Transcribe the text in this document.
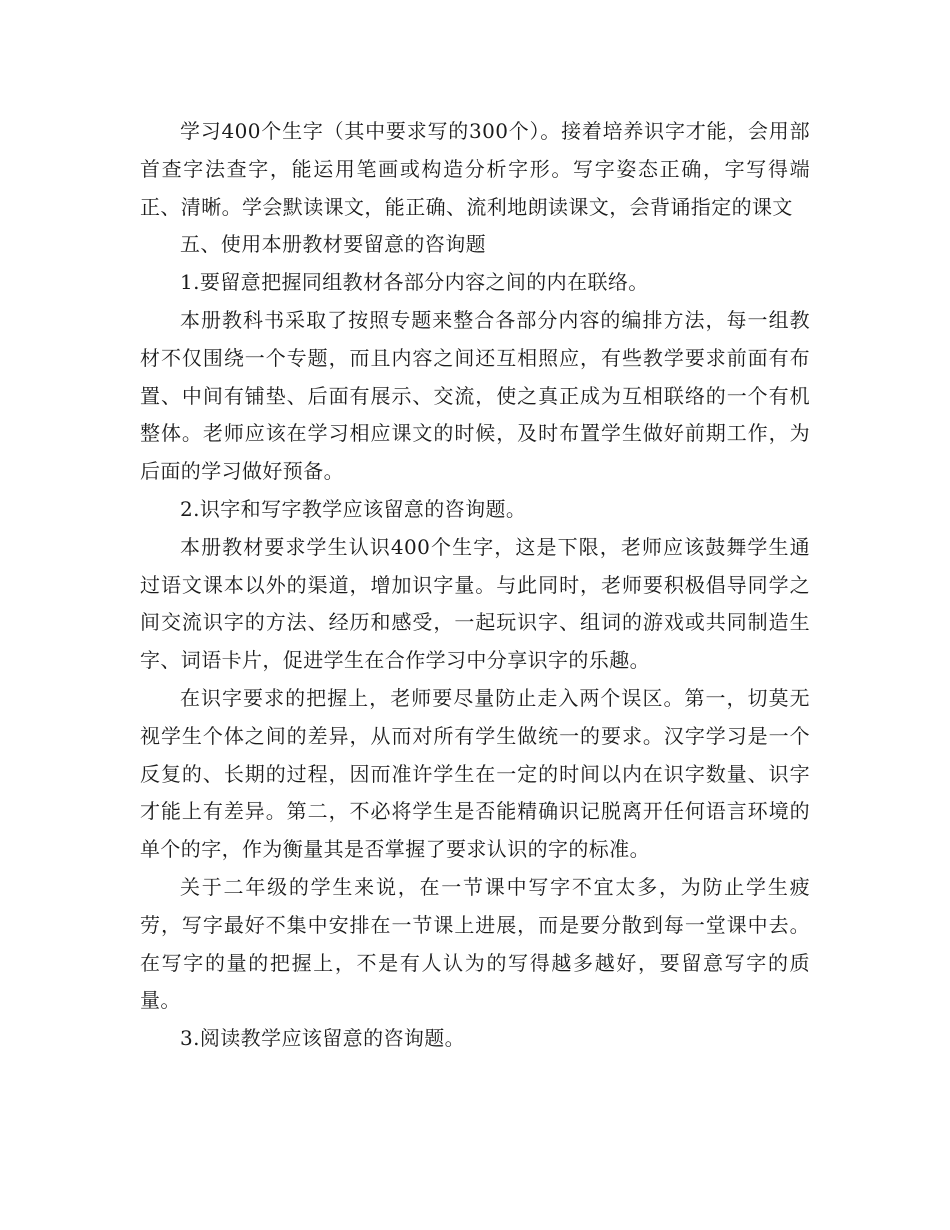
学习400个生字（其中要求写的300个）。接着培养识字才能，会用部首查字法查字，能运用笔画或构造分析字形。写字姿态正确，字写得端正、清晰。学会默读课文，能正确、流利地朗读课文，会背诵指定的课文

五、使用本册教材要留意的咨询题

1.要留意把握同组教材各部分内容之间的内在联络。

本册教科书采取了按照专题来整合各部分内容的编排方法，每一组教材不仅围绕一个专题，而且内容之间还互相照应，有些教学要求前面有布置、中间有铺垫、后面有展示、交流，使之真正成为互相联络的一个有机整体。老师应该在学习相应课文的时候，及时布置学生做好前期工作，为后面的学习做好预备。

2.识字和写字教学应该留意的咨询题。

本册教材要求学生认识400个生字，这是下限，老师应该鼓舞学生通过语文课本以外的渠道，增加识字量。与此同时，老师要积极倡导同学之间交流识字的方法、经历和感受，一起玩识字、组词的游戏或共同制造生字、词语卡片，促进学生在合作学习中分享识字的乐趣。

在识字要求的把握上，老师要尽量防止走入两个误区。第一，切莫无视学生个体之间的差异，从而对所有学生做统一的要求。汉字学习是一个反复的、长期的过程，因而准许学生在一定的时间以内在识字数量、识字才能上有差异。第二，不必将学生是否能精确识记脱离开任何语言环境的单个的字，作为衡量其是否掌握了要求认识的字的标准。

关于二年级的学生来说，在一节课中写字不宜太多，为防止学生疲劳，写字最好不集中安排在一节课上进展，而是要分散到每一堂课中去。在写字的量的把握上，不是有人认为的写得越多越好，要留意写字的质量。

3.阅读教学应该留意的咨询题。
